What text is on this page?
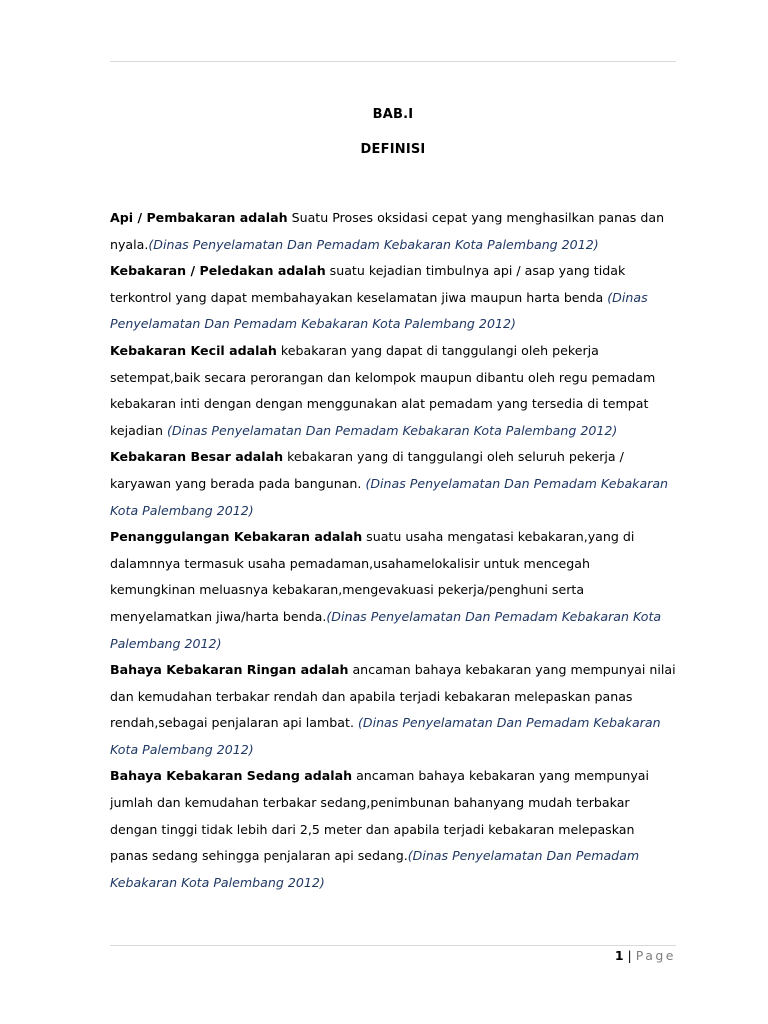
BAB.I
DEFINISI

Api / Pembakaran adalah Suatu Proses oksidasi cepat yang menghasilkan panas dan nyala.(Dinas Penyelamatan Dan Pemadam Kebakaran Kota Palembang 2012)

Kebakaran / Peledakan adalah suatu kejadian timbulnya api / asap yang tidak terkontrol yang dapat membahayakan keselamatan jiwa maupun harta benda (Dinas Penyelamatan Dan Pemadam Kebakaran Kota Palembang 2012)

Kebakaran Kecil adalah kebakaran yang dapat di tanggulangi oleh pekerja setempat,baik secara perorangan dan kelompok maupun dibantu oleh regu pemadam kebakaran inti dengan dengan menggunakan alat pemadam yang tersedia di tempat kejadian (Dinas Penyelamatan Dan Pemadam Kebakaran Kota Palembang 2012)

Kebakaran Besar adalah kebakaran yang di tanggulangi oleh seluruh pekerja / karyawan yang berada pada bangunan. (Dinas Penyelamatan Dan Pemadam Kebakaran Kota Palembang 2012)

Penanggulangan Kebakaran adalah suatu usaha mengatasi kebakaran,yang di dalamnnya termasuk usaha pemadaman,usahamelokalisir untuk mencegah kemungkinan meluasnya kebakaran,mengevakuasi pekerja/penghuni serta menyelamatkan jiwa/harta benda.(Dinas Penyelamatan Dan Pemadam Kebakaran Kota Palembang 2012)

Bahaya Kebakaran Ringan adalah ancaman bahaya kebakaran yang mempunyai nilai dan kemudahan terbakar rendah dan apabila terjadi kebakaran melepaskan panas rendah,sebagai penjalaran api lambat. (Dinas Penyelamatan Dan Pemadam Kebakaran Kota Palembang 2012)

Bahaya Kebakaran Sedang adalah ancaman bahaya kebakaran yang mempunyai jumlah dan kemudahan terbakar sedang,penimbunan bahanyang mudah terbakar dengan tinggi tidak lebih dari 2,5 meter dan apabila terjadi kebakaran melepaskan panas sedang sehingga penjalaran api sedang.(Dinas Penyelamatan Dan Pemadam Kebakaran Kota Palembang 2012)

1 | Page
